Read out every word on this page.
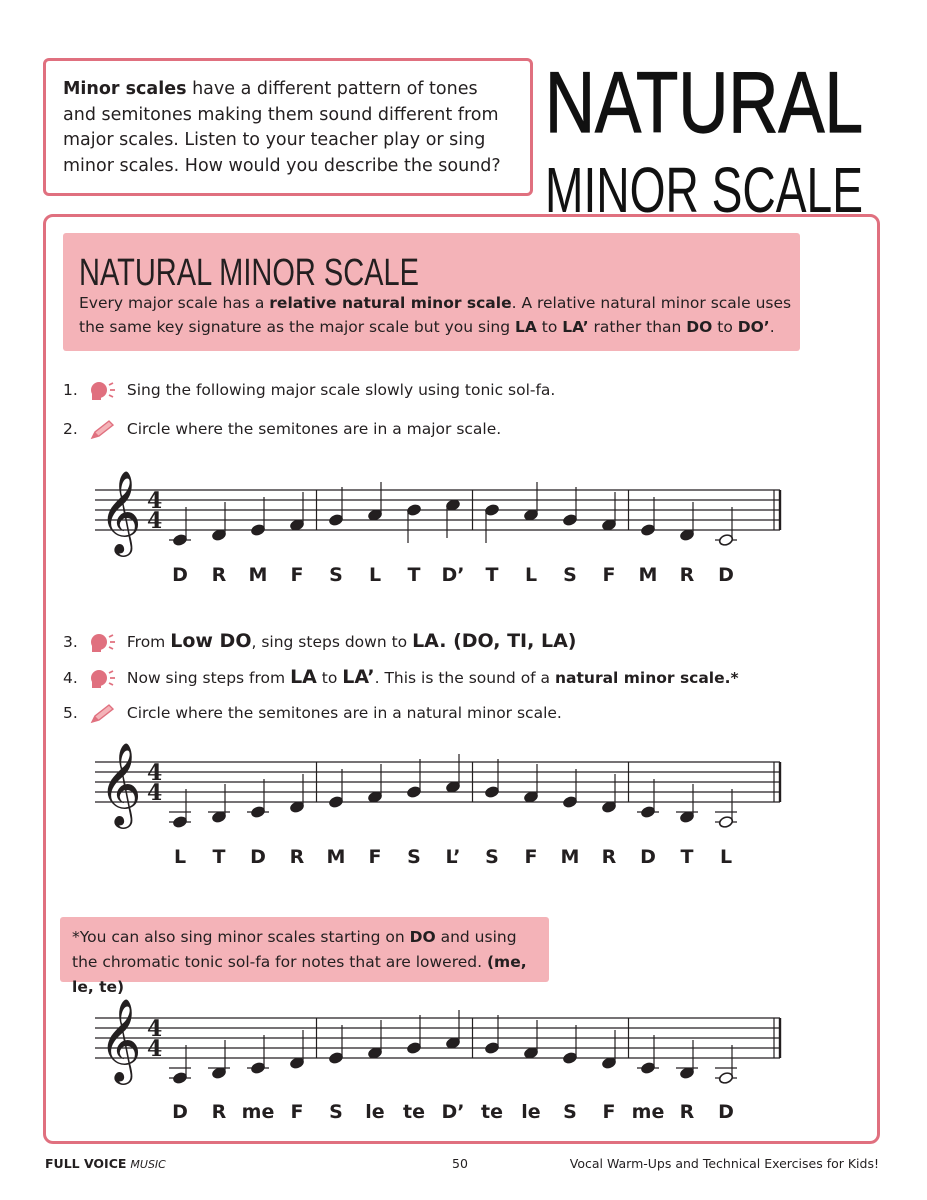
Minor scales have a different pattern of tones and semitones making them sound different from major scales. Listen to your teacher play or sing minor scales. How would you describe the sound?
NATURAL
MINOR SCALE
NATURAL MINOR SCALE
Every major scale has a relative natural minor scale. A relative natural minor scale uses the same key signature as the major scale but you sing LA to LA’ rather than DO to DO’.
1.	Sing the following major scale slowly using tonic sol-fa.
2.	Circle where the semitones are in a major scale.
𝄞 4
4
3.	From Low DO, sing steps down to LA. (DO, TI, LA)
4.	Now sing steps from LA to LA’. This is the sound of a natural minor scale.*
5.	Circle where the semitones are in a natural minor scale.
𝄞 4
4
*You can also sing minor scales starting on DO and using the chromatic tonic sol-fa for notes that are lowered. (me, le, te)
𝄞 4
4
FULL VOICE MUSIC	50	Vocal Warm-Ups and Technical Exercises for Kids!
D	R	M	F	S	L	T	D’	T	L	S	F	M	R	D
L	T	D	R	M	F	S	L’	S	F	M	R	D	T	L
D	R me F	S	le te D’ te le	S	F me R	D
